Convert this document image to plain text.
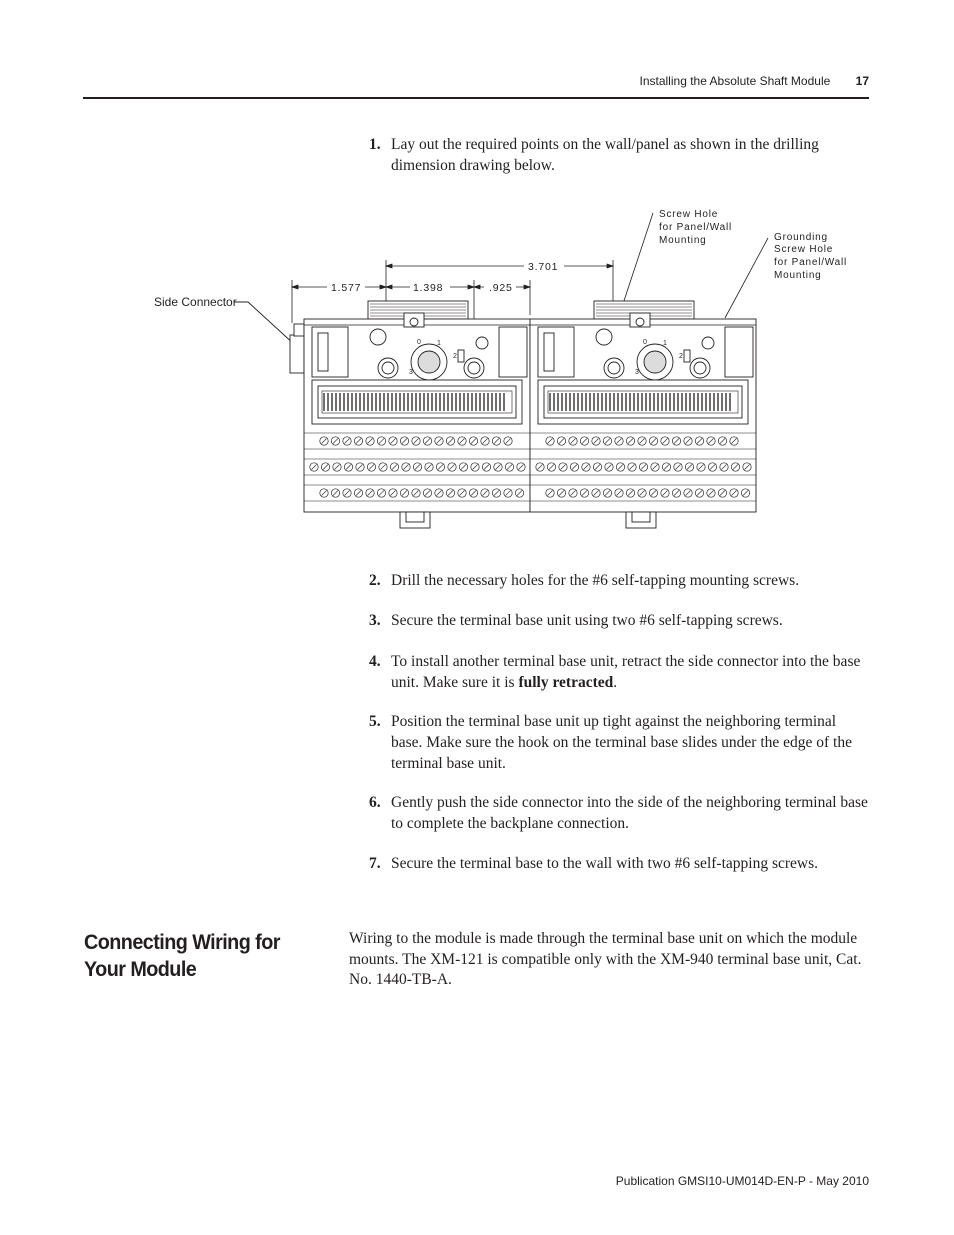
Installing the Absolute Shaft Module 17
1. Lay out the required points on the wall/panel as shown in the drilling dimension drawing below.
3.701
1.577	1.398	.925
Side Connector
Screw Hole
for Panel/Wall
Mounting	Grounding
Screw Hole
for Panel/Wall
Mounting
0 1
2
3
0 1
2
3
2. Drill the necessary holes for the #6 self-tapping mounting screws.
3. Secure the terminal base unit using two #6 self-tapping screws.
4. To install another terminal base unit, retract the side connector into the base unit. Make sure it is fully retracted.
5. Position the terminal base unit up tight against the neighboring terminal base. Make sure the hook on the terminal base slides under the edge of the terminal base unit.
6. Gently push the side connector into the side of the neighboring terminal base to complete the backplane connection.
7. Secure the terminal base to the wall with two #6 self-tapping screws.
Connecting Wiring for Your Module
Wiring to the module is made through the terminal base unit on which the module mounts. The XM-121 is compatible only with the XM-940 terminal base unit, Cat. No. 1440-TB-A.
Publication GMSI10-UM014D-EN-P - May 2010
